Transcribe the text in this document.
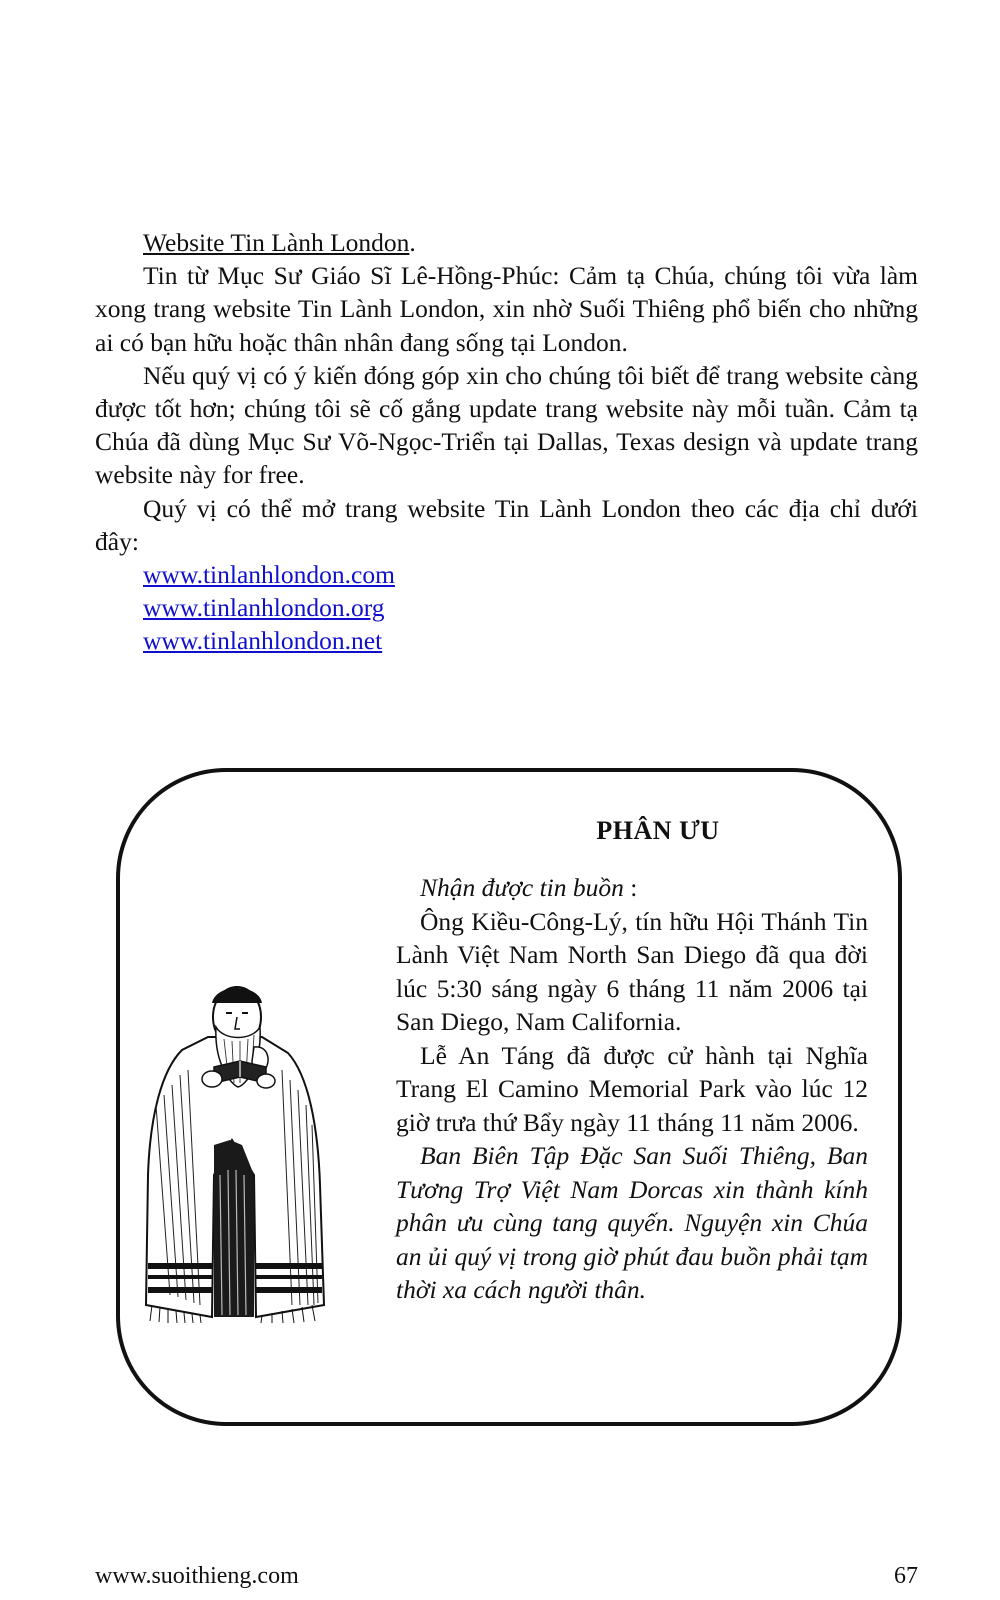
Website Tin Lành London.

Tin từ Mục Sư Giáo Sĩ Lê-Hồng-Phúc: Cảm tạ Chúa, chúng tôi vừa làm xong trang website Tin Lành London, xin nhờ Suối Thiêng phổ biến cho những ai có bạn hữu hoặc thân nhân đang sống tại London.

Nếu quý vị có ý kiến đóng góp xin cho chúng tôi biết để trang website càng được tốt hơn; chúng tôi sẽ cố gắng update trang website này mỗi tuần. Cảm tạ Chúa đã dùng Mục Sư Võ-Ngọc-Triển tại Dallas, Texas design và update trang website này for free.

Quý vị có thể mở trang website Tin Lành London theo các địa chỉ dưới đây:

www.tinlanhlondon.com
www.tinlanhlondon.org
www.tinlanhlondon.net
PHÂN ƯU

Nhận được tin buồn :

Ông Kiều-Công-Lý, tín hữu Hội Thánh Tin Lành Việt Nam North San Diego đã qua đời lúc 5:30 sáng ngày 6 tháng 11 năm 2006 tại San Diego, Nam California.

Lễ An Táng đã được cử hành tại Nghĩa Trang El Camino Memorial Park vào lúc 12 giờ trưa thứ Bẩy ngày 11 tháng 11 năm 2006.

Ban Biên Tập Đặc San Suối Thiêng, Ban Tương Trợ Việt Nam Dorcas xin thành kính phân ưu cùng tang quyến. Nguyện xin Chúa an ủi quý vị trong giờ phút đau buồn phải tạm thời xa cách người thân.

www.suoithieng.com	67
